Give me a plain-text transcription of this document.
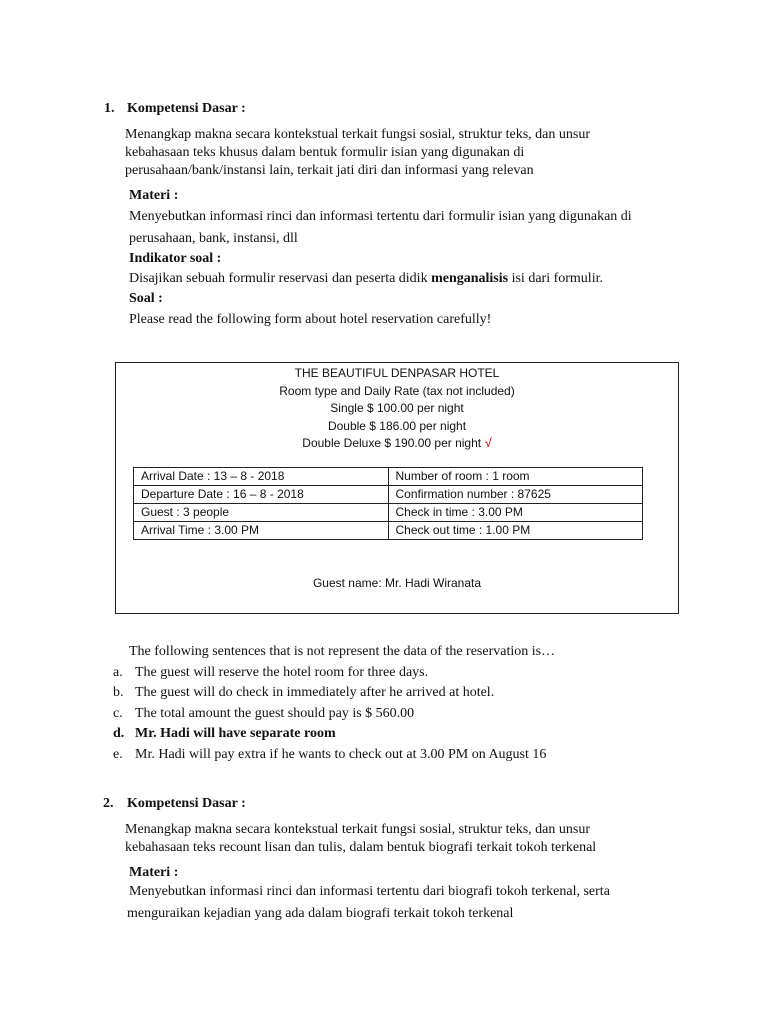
1. Kompetensi Dasar :
Menangkap makna secara kontekstual terkait fungsi sosial, struktur teks, dan unsur
kebahasaan teks khusus dalam bentuk formulir isian yang digunakan di
perusahaan/bank/instansi lain, terkait jati diri dan informasi yang relevan
Materi :
Menyebutkan informasi rinci dan informasi tertentu dari formulir isian yang digunakan di
perusahaan, bank, instansi, dll
Indikator soal :
Disajikan sebuah formulir reservasi dan peserta didik menganalisis isi dari formulir.
Soal :
Please read the following form about hotel reservation carefully!
THE BEAUTIFUL DENPASAR HOTEL
Room type and Daily Rate (tax not included)
Single $ 100.00 per night
Double $ 186.00 per night
Double Deluxe $ 190.00 per night √
Arrival Date : 13 – 8 - 2018	Number of room : 1 room
Departure Date : 16 – 8 - 2018	Confirmation number : 87625
Guest : 3 people	Check in time : 3.00 PM
Arrival Time : 3.00 PM	Check out time : 1.00 PM
Guest name: Mr. Hadi Wiranata
The following sentences that is not represent the data of the reservation is…
a. The guest will reserve the hotel room for three days.
b. The guest will do check in immediately after he arrived at hotel.
c. The total amount the guest should pay is $ 560.00
d. Mr. Hadi will have separate room
e. Mr. Hadi will pay extra if he wants to check out at 3.00 PM on August 16
2. Kompetensi Dasar :
Menangkap makna secara kontekstual terkait fungsi sosial, struktur teks, dan unsur
kebahasaan teks recount lisan dan tulis, dalam bentuk biografi terkait tokoh terkenal
Materi :
Menyebutkan informasi rinci dan informasi tertentu dari biografi tokoh terkenal, serta
menguraikan kejadian yang ada dalam biografi terkait tokoh terkenal
